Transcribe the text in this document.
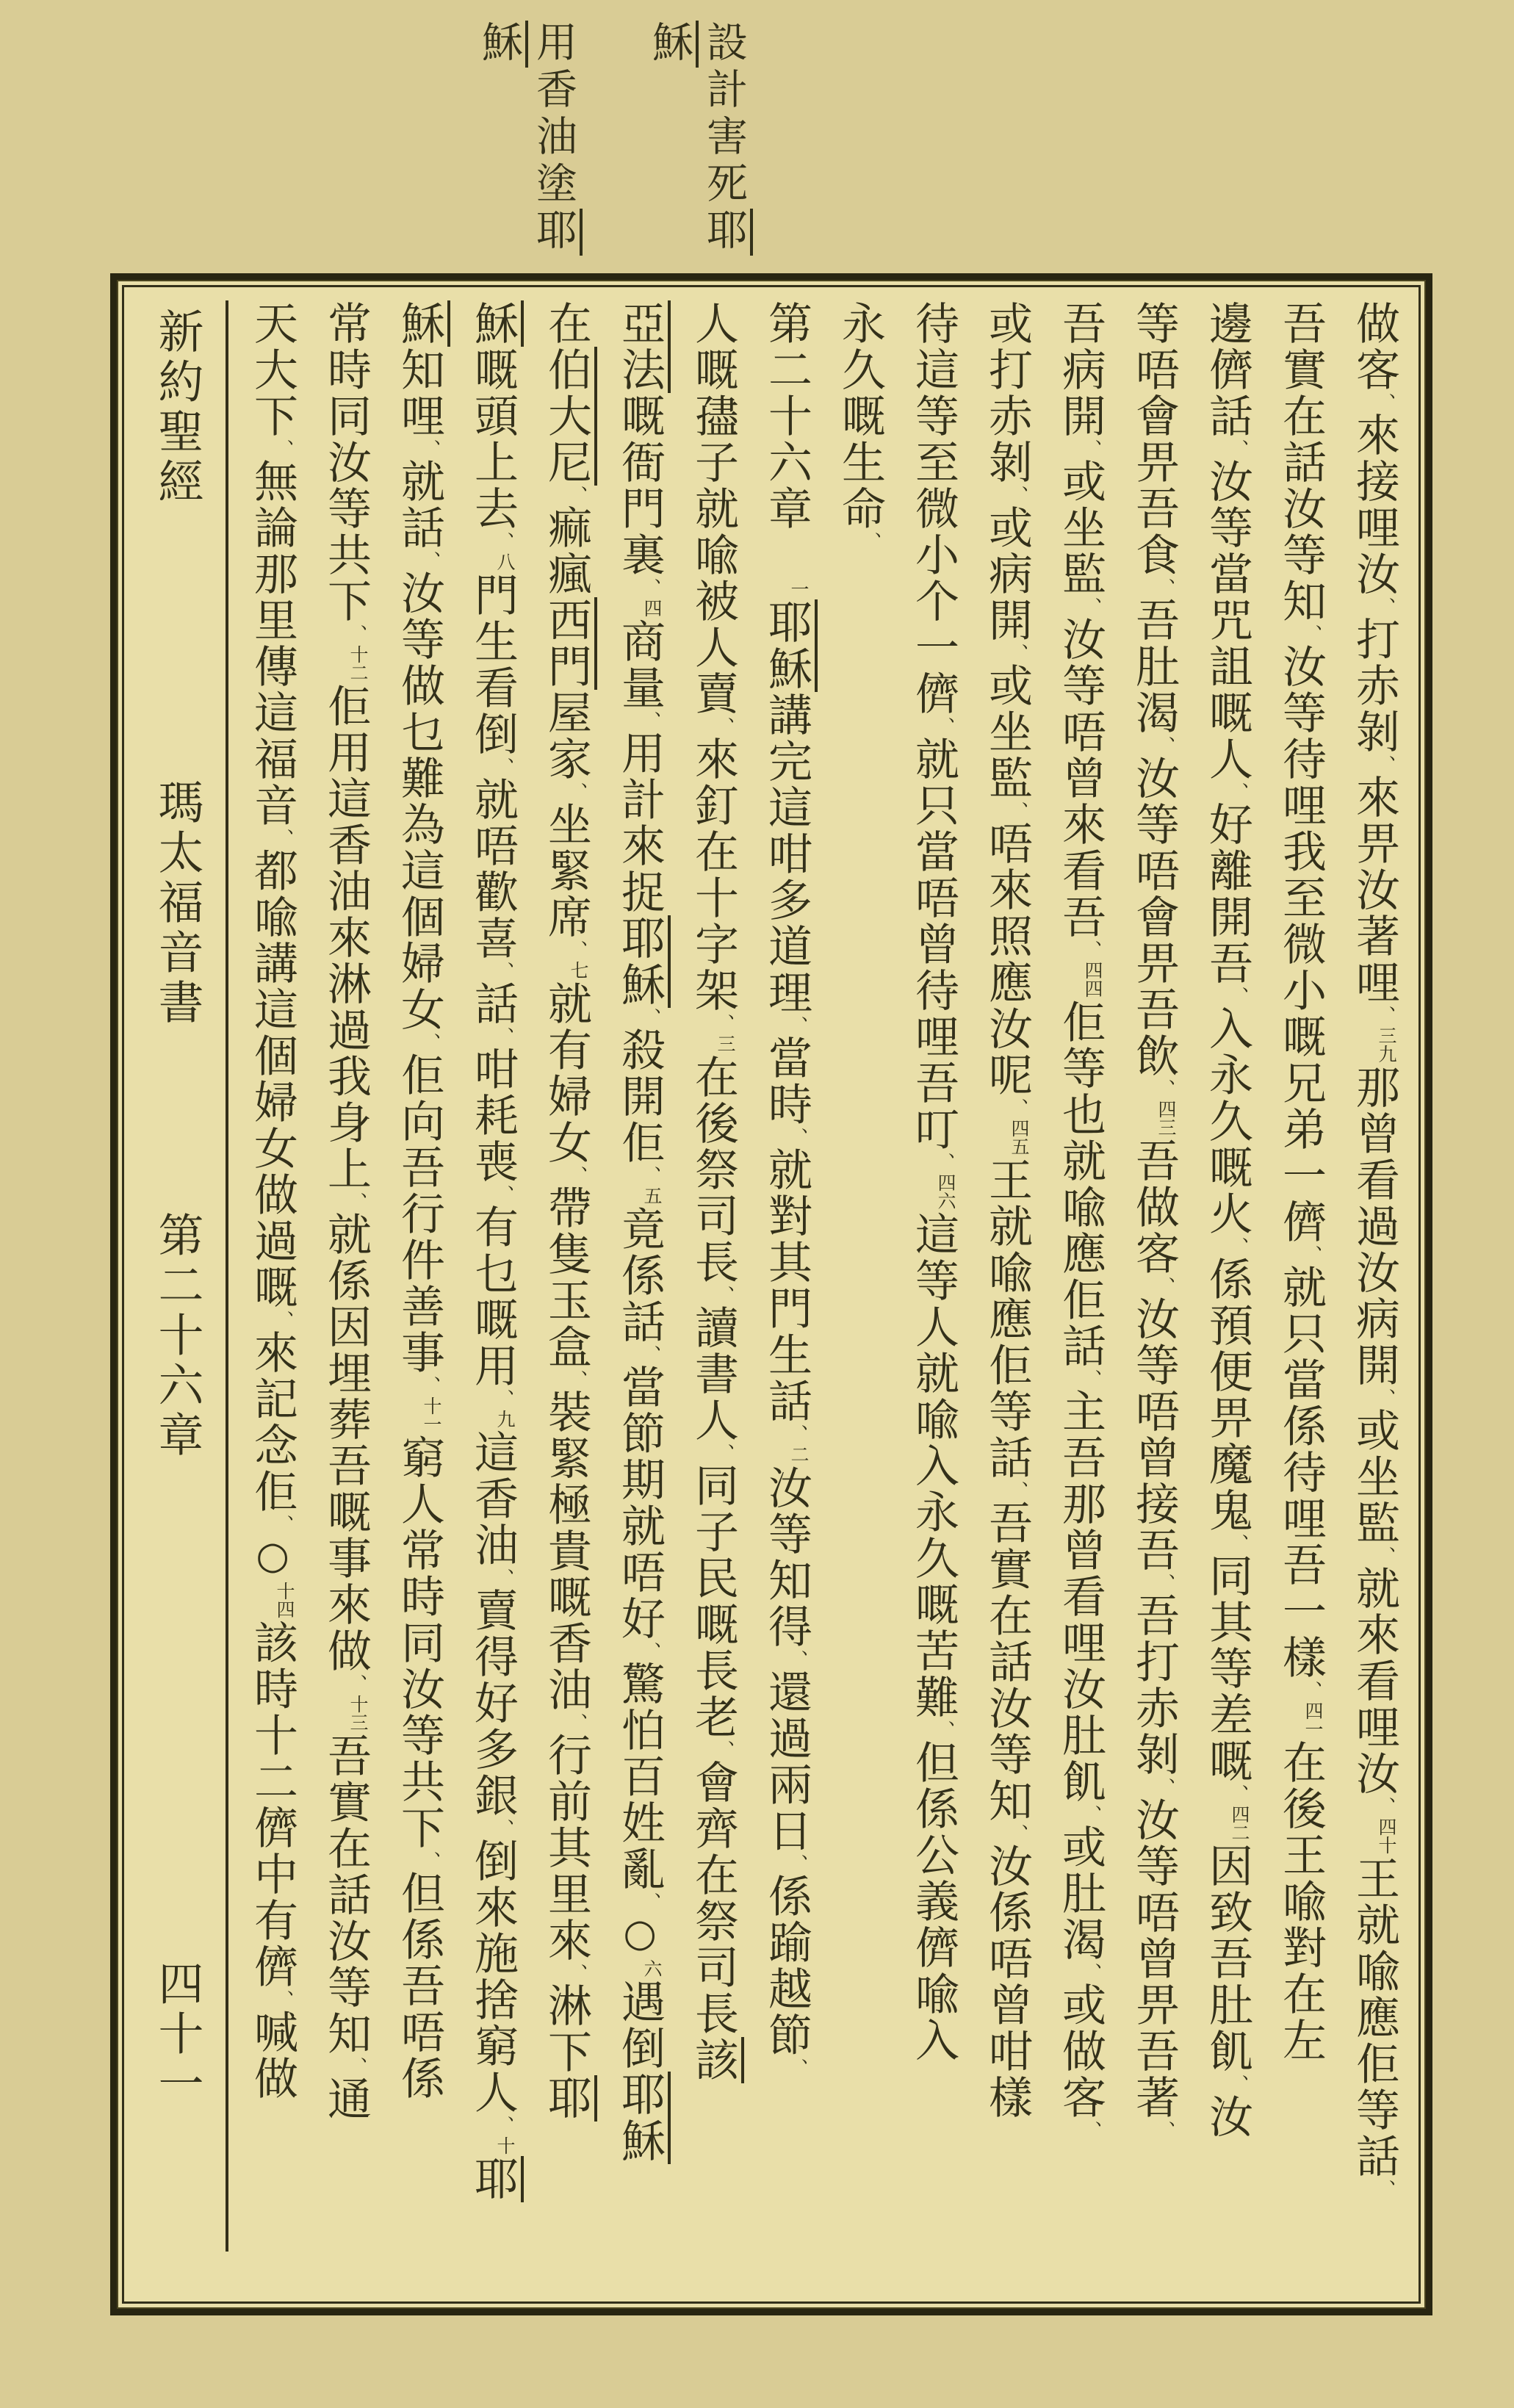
設計害死耶
穌
用香油塗耶
穌
做客、來接哩汝、打赤剝、來畀汝著哩、三九那曾看過汝病開、或坐監、就來看哩汝、四十王就喩應佢等話、
吾實在話汝等知、汝等待哩我至微小嘅兄弟一儕、就只當係待哩吾一樣、四一在後王喩對在左
邊儕話、汝等當咒詛嘅人、好離開吾、入永久嘅火、係預便畀魔鬼、同其等差嘅、四二因致吾肚飢、汝
等唔會畀吾食、吾肚渴、汝等唔會畀吾飲、四三吾做客、汝等唔曾接吾、吾打赤剝、汝等唔曾畀吾著、
吾病開、或坐監、汝等唔曾來看吾、四四佢等也就喩應佢話、主吾那曾看哩汝肚飢、或肚渴、或做客、
或打赤剝、或病開、或坐監、唔來照應汝呢、四五王就喩應佢等話、吾實在話汝等知、汝係唔曾咁樣
待這等至微小个一儕、就只當唔曾待哩吾叮、四六這等人就喩入永久嘅苦難、但係公義儕喩入
永久嘅生命、
第二十六章　一耶穌講完這咁多道理、當時、就對其門生話、二汝等知得、還過兩日、係踰越節、
人嘅孻子就喩被人賣、來釘在十字架、三在後祭司長、讀書人、同子民嘅長老、會齊在祭司長該
亞法嘅衙門裏、四商量、用計來捉耶穌、殺開佢、五竟係話、當節期就唔好、驚怕百姓亂、○六遇倒耶穌
在伯大尼、痲瘋西門屋家、坐緊席、七就有婦女、帶隻玉盒、裝緊極貴嘅香油、行前其里來、淋下耶
穌嘅頭上去、八門生看倒、就唔歡喜、話、咁耗喪、有乜嘅用、九這香油、賣得好多銀、倒來施捨窮人、十耶
穌知哩、就話、汝等做乜難為這個婦女、佢向吾行件善事、十一窮人常時同汝等共下、但係吾唔係
常時同汝等共下、十二佢用這香油來淋過我身上、就係因埋葬吾嘅事來做、十三吾實在話汝等知、通
天大下、無論那里傳這福音、都喩講這個婦女做過嘅、來記念佢、○十四該時十二儕中有儕、喊做
新約聖經 瑪太福音書 第二十六章 四十一
